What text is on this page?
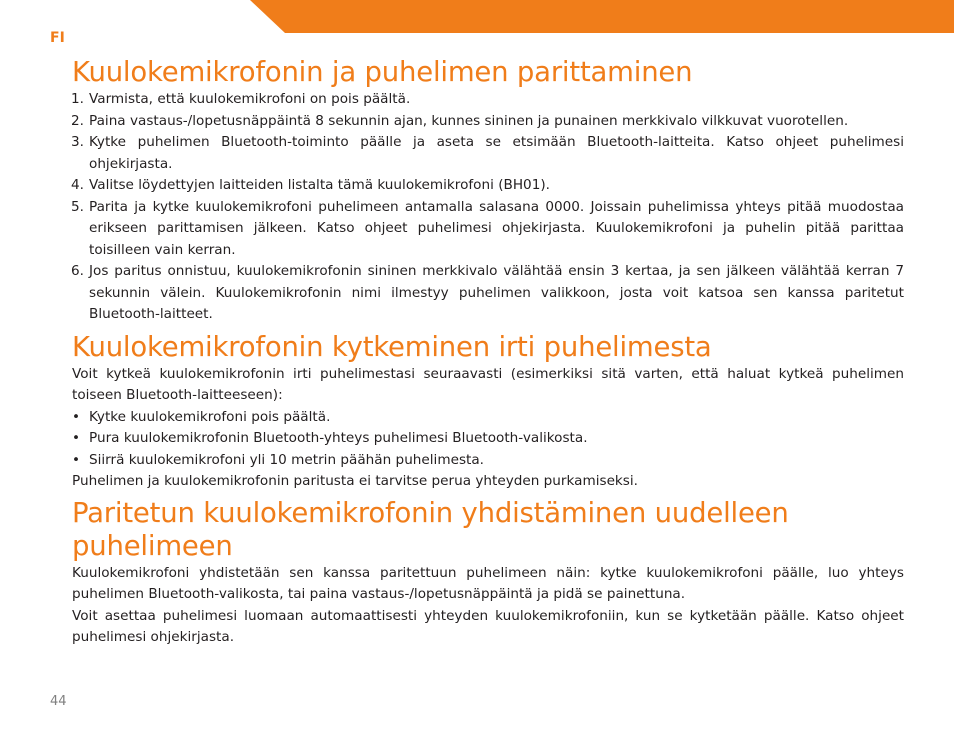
FI
Kuulokemikrofonin ja puhelimen parittaminen
1. Varmista, että kuulokemikrofoni on pois päältä.
2. Paina vastaus-/lopetusnäppäintä 8 sekunnin ajan, kunnes sininen ja punainen merkkivalo vilkkuvat vuorotellen.
3. Kytke puhelimen Bluetooth-toiminto päälle ja aseta se etsimään Bluetooth-laitteita. Katso ohjeet puhelimesi ohjekirjasta.
4. Valitse löydettyjen laitteiden listalta tämä kuulokemikrofoni (BH01).
5. Parita ja kytke kuulokemikrofoni puhelimeen antamalla salasana 0000. Joissain puhelimissa yhteys pitää muodostaa erikseen parittamisen jälkeen. Katso ohjeet puhelimesi ohjekirjasta. Kuulokemikrofoni ja puhelin pitää parittaa toisilleen vain kerran.
6. Jos paritus onnistuu, kuulokemikrofonin sininen merkkivalo välähtää ensin 3 kertaa, ja sen jälkeen välähtää kerran 7 sekunnin välein. Kuulokemikrofonin nimi ilmestyy puhelimen valikkoon, josta voit katsoa sen kanssa paritetut Bluetooth-laitteet.
Kuulokemikrofonin kytkeminen irti puhelimesta

Voit kytkeä kuulokemikrofonin irti puhelimestasi seuraavasti (esimerkiksi sitä varten, että haluat kytkeä puhelimen toiseen Bluetooth-laitteeseen):

• Kytke kuulokemikrofoni pois päältä.
• Pura kuulokemikrofonin Bluetooth-yhteys puhelimesi Bluetooth-valikosta.
• Siirrä kuulokemikrofoni yli 10 metrin päähän puhelimesta.

Puhelimen ja kuulokemikrofonin paritusta ei tarvitse perua yhteyden purkamiseksi.

Paritetun kuulokemikrofonin yhdistäminen uudelleen puhelimeen

Kuulokemikrofoni yhdistetään sen kanssa paritettuun puhelimeen näin: kytke kuulokemikrofoni päälle, luo yhteys puhelimen Bluetooth-valikosta, tai paina vastaus-/lopetusnäppäintä ja pidä se painettuna.

Voit asettaa puhelimesi luomaan automaattisesti yhteyden kuulokemikrofoniin, kun se kytketään päälle. Katso ohjeet puhelimesi ohjekirjasta.

44
